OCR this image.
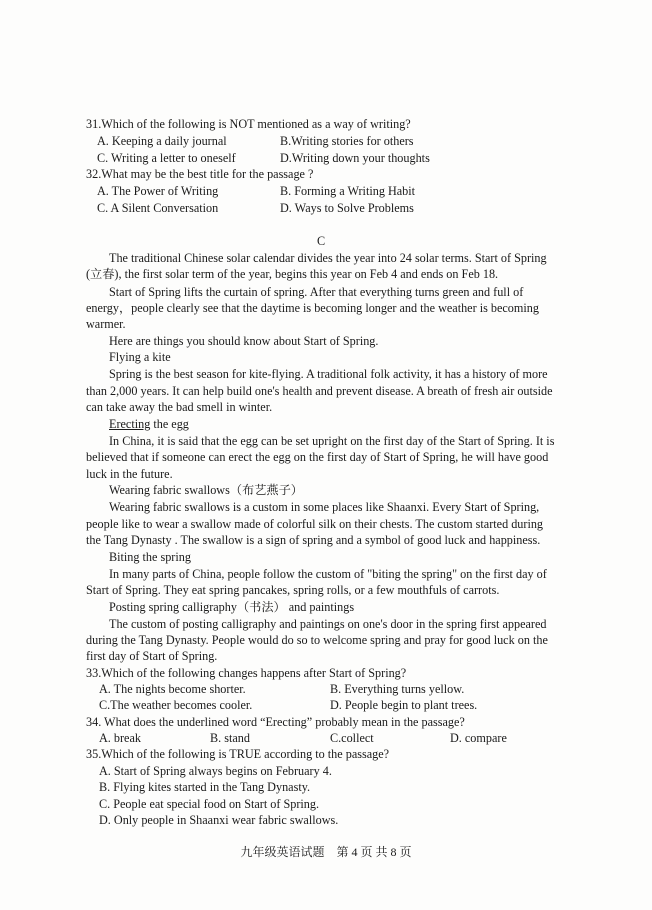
31.Which of the following is NOT mentioned as a way of writing?
A. Keeping a daily journal	B.Writing stories for others
C. Writing a letter to oneself	D.Writing down your thoughts
32.What may be the best title for the passage ?
A. The Power of Writing	B. Forming a Writing Habit
C. A Silent Conversation	D. Ways to Solve Problems
C
The traditional Chinese solar calendar divides the year into 24 solar terms. Start of Spring
(立春), the first solar term of the year, begins this year on Feb 4 and ends on Feb 18.
Start of Spring lifts the curtain of spring. After that everything turns green and full of
energy，people clearly see that the daytime is becoming longer and the weather is becoming
warmer.
Here are things you should know about Start of Spring.
Flying a kite
Spring is the best season for kite-flying. A traditional folk activity, it has a history of more
than 2,000 years. It can help build one's health and prevent disease. A breath of fresh air outside
can take away the bad smell in winter.
Erecting the egg
In China, it is said that the egg can be set upright on the first day of the Start of Spring. It is
believed that if someone can erect the egg on the first day of Start of Spring, he will have good
luck in the future.
Wearing fabric swallows（布艺燕子）
Wearing fabric swallows is a custom in some places like Shaanxi. Every Start of Spring,
people like to wear a swallow made of colorful silk on their chests. The custom started during
the Tang Dynasty . The swallow is a sign of spring and a symbol of good luck and happiness.
Biting the spring
In many parts of China, people follow the custom of "biting the spring" on the first day of
Start of Spring. They eat spring pancakes, spring rolls, or a few mouthfuls of carrots.
Posting spring calligraphy（书法） and paintings
The custom of posting calligraphy and paintings on one's door in the spring first appeared
during the Tang Dynasty. People would do so to welcome spring and pray for good luck on the
first day of Start of Spring.
33.Which of the following changes happens after Start of Spring?
A. The nights become shorter.	B. Everything turns yellow.
C.The weather becomes cooler.	D. People begin to plant trees.
34. What does the underlined word “Erecting” probably mean in the passage?
A. break	B. stand	C.collect	D. compare
35.Which of the following is TRUE according to the passage?
A. Start of Spring always begins on February 4.
B. Flying kites started in the Tang Dynasty.
C. People eat special food on Start of Spring.
D. Only people in Shaanxi wear fabric swallows.
九年级英语试题　第 4 页 共 8 页
